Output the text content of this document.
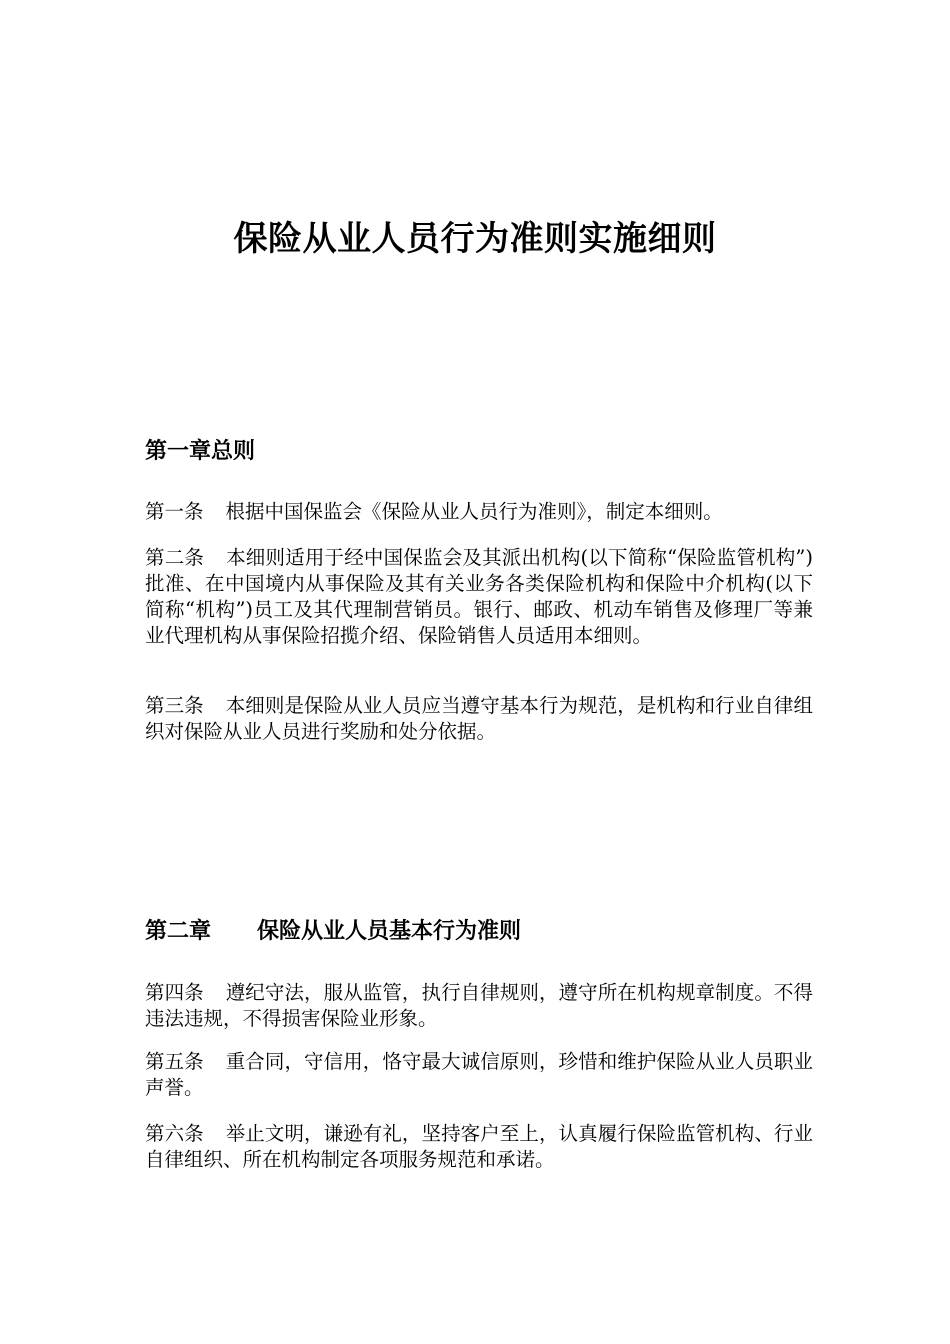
保险从业人员行为准则实施细则
第一章总则
第一条 根据中国保监会《保险从业人员行为准则》，制定本细则。
第二条 本细则适用于经中国保监会及其派出机构(以下简称“保险监管机构”)批准、在中国境内从事保险及其有关业务各类保险机构和保险中介机构(以下简称“机构”)员工及其代理制营销员。银行、邮政、机动车销售及修理厂等兼业代理机构从事保险招揽介绍、保险销售人员适用本细则。
第三条 本细则是保险从业人员应当遵守基本行为规范，是机构和行业自律组织对保险从业人员进行奖励和处分依据。
第二章      保险从业人员基本行为准则
第四条 遵纪守法，服从监管，执行自律规则，遵守所在机构规章制度。不得违法违规，不得损害保险业形象。
第五条 重合同，守信用，恪守最大诚信原则，珍惜和维护保险从业人员职业声誉。
第六条 举止文明，谦逊有礼，坚持客户至上，认真履行保险监管机构、行业自律组织、所在机构制定各项服务规范和承诺。
